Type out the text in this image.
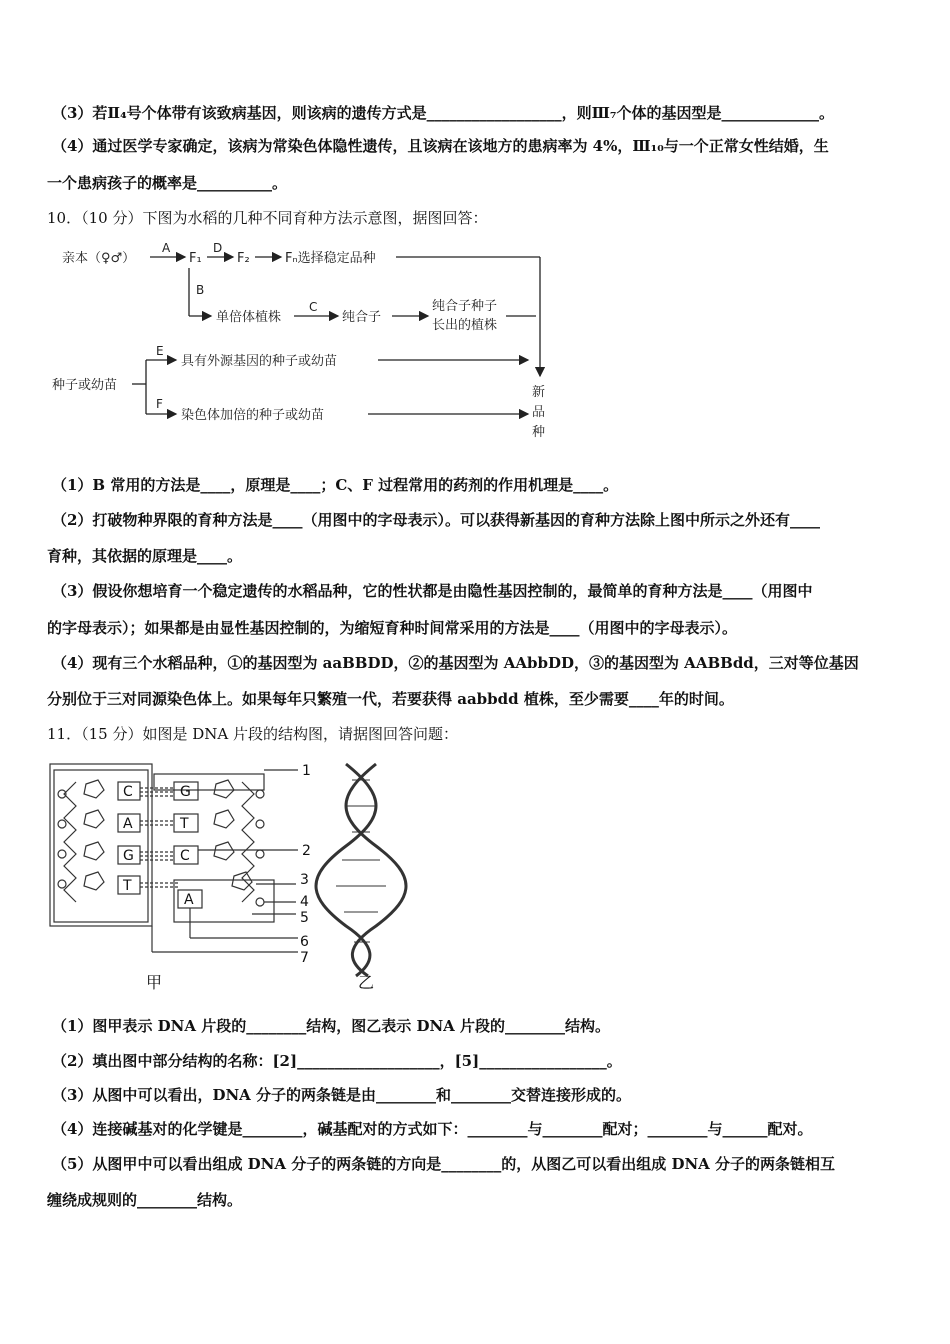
（3）若Ⅱ₄号个体带有该致病基因，则该病的遗传方式是__________________，则Ⅲ₇个体的基因型是_____________。
（4）通过医学专家确定，该病为常染色体隐性遗传，且该病在该地方的患病率为 4%，Ⅲ₁₀与一个正常女性结婚，生
一个患病孩子的概率是__________。
10．（10 分）下图为水稻的几种不同育种方法示意图，据图回答：
亲本（♀♂）
A
F₁
D
F₂	Fₙ选择稳定品种
B
单倍体植株
C
纯合子
纯合子种子
长出的植株
种子或幼苗
E
具有外源基因的种子或幼苗
F
染色体加倍的种子或幼苗
新
品
种
（1）B 常用的方法是____，原理是____；C、F 过程常用的药剂的作用机理是____。
（2）打破物种界限的育种方法是____（用图中的字母表示）。可以获得新基因的育种方法除上图中所示之外还有____
育种，其依据的原理是____。
（3）假设你想培育一个稳定遗传的水稻品种，它的性状都是由隐性基因控制的，最简单的育种方法是____（用图中
的字母表示）；如果都是由显性基因控制的，为缩短育种时间常采用的方法是____（用图中的字母表示）。
（4）现有三个水稻品种，①的基因型为 aaBBDD，②的基因型为 AAbbDD，③的基因型为 AABBdd，三对等位基因
分别位于三对同源染色体上。如果每年只繁殖一代，若要获得 aabbdd 植株，至少需要____年的时间。
11．（15 分）如图是 DNA 片段的结构图，请据图回答问题：
C
A
G
T
G
T
C
A
1
2
3
4
5
6
7
甲	乙
（1）图甲表示 DNA 片段的________结构，图乙表示 DNA 片段的________结构。
（2）填出图中部分结构的名称：[2]___________________，[5]_________________。
（3）从图中可以看出，DNA 分子的两条链是由________和________交替连接形成的。
（4）连接碱基对的化学键是________，碱基配对的方式如下：________与________配对；________与______配对。
（5）从图甲中可以看出组成 DNA 分子的两条链的方向是________的，从图乙可以看出组成 DNA 分子的两条链相互
缠绕成规则的________结构。
